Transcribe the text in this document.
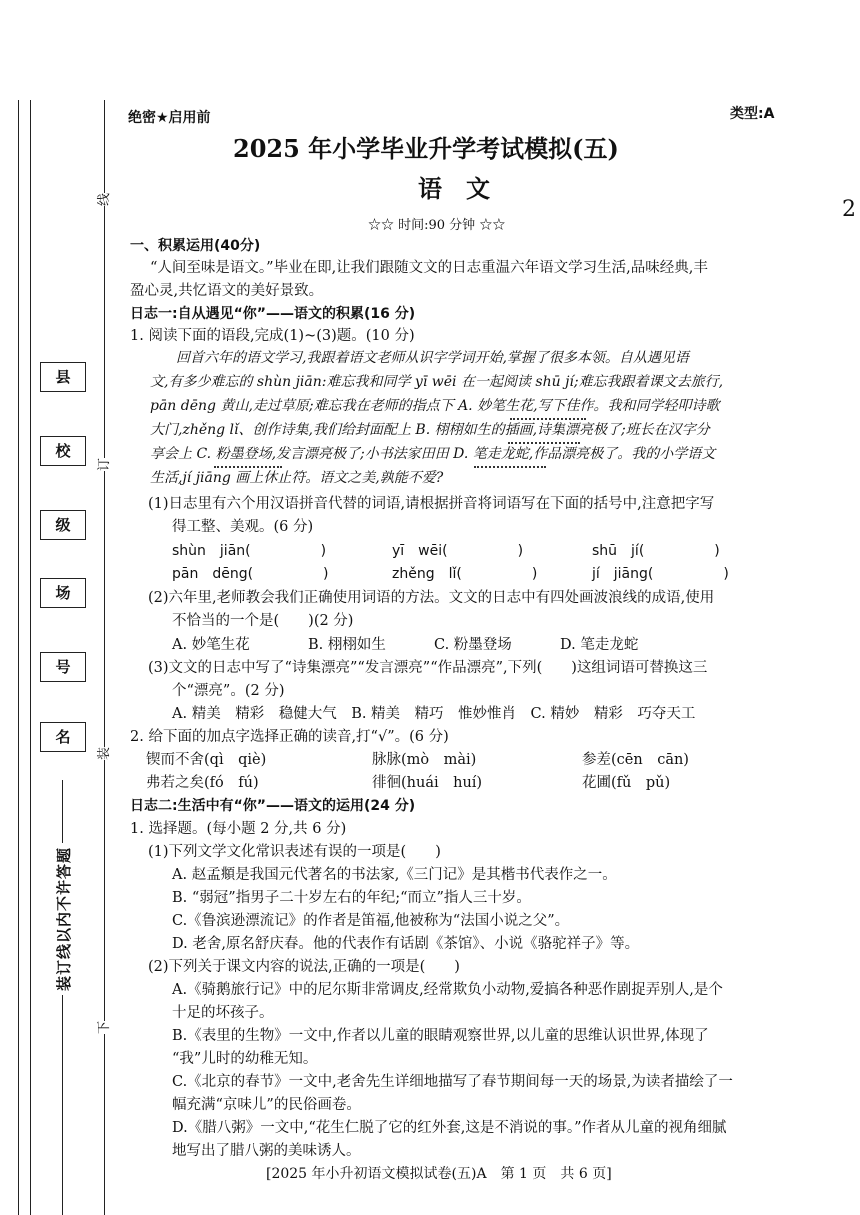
县
校
级
场
号
名
线
订
装
下
装订线以内不许答题
绝密★启用前	类型:A
2025 年小学毕业升学考试模拟(五)
语　文
☆☆ 时间:90 分钟 ☆☆
2
一、积累运用(40分)
“人间至味是语文。”毕业在即,让我们跟随文文的日志重温六年语文学习生活,品味经典,丰
盈心灵,共忆语文的美好景致。
日志一:自从遇见“你”——语文的积累(16 分)
1. 阅读下面的语段,完成(1)~(3)题。(10 分)
回首六年的语文学习,我跟着语文老师从识字学词开始,掌握了很多本领。自从遇见语
文,有多少难忘的 shùn jiān:难忘我和同学 yī wēi 在一起阅读 shū jí;难忘我跟着课文去旅行,
pān dēng 黄山,走过草原;难忘我在老师的指点下 A. 妙笔生花,写下佳作。我和同学轻叩诗歌
大门,zhěng lǐ、创作诗集,我们给封面配上 B. 栩栩如生的插画,诗集漂亮极了;班长在汉字分
享会上 C. 粉墨登场,发言漂亮极了;小书法家田田 D. 笔走龙蛇,作品漂亮极了。我的小学语文
生活,jí jiāng 画上休止符。语文之美,孰能不爱?
(1)日志里有六个用汉语拼音代替的词语,请根据拼音将词语写在下面的括号中,注意把字写
得工整、美观。(6 分)
shùn　jiān(　　　　　)	yī　wēi(　　　　　)	shū　jí(　　　　　)
pān　dēng(　　　　　)	zhěng　lǐ(　　　　　)	jí　jiāng(　　　　　)
(2)六年里,老师教会我们正确使用词语的方法。文文的日志中有四处画波浪线的成语,使用
不恰当的一个是(　　)(2 分)
A. 妙笔生花	B. 栩栩如生	C. 粉墨登场	D. 笔走龙蛇
(3)文文的日志中写了“诗集漂亮”“发言漂亮”“作品漂亮”,下列(　　)这组词语可替换这三
个“漂亮”。(2 分)
A. 精美　精彩　稳健大气　B. 精美　精巧　惟妙惟肖　C. 精妙　精彩　巧夺天工
2. 给下面的加点字选择正确的读音,打“√”。(6 分)
锲而不舍(qì　qiè)	脉脉(mò　mài)	参差(cēn　cān)
弗若之矣(fó　fú)	徘徊(huái　huí)	花圃(fǔ　pǔ)
日志二:生活中有“你”——语文的运用(24 分)
1. 选择题。(每小题 2 分,共 6 分)
(1)下列文学文化常识表述有误的一项是(　　)
A. 赵孟頫是我国元代著名的书法家,《三门记》是其楷书代表作之一。
B. “弱冠”指男子二十岁左右的年纪;“而立”指人三十岁。
C.《鲁滨逊漂流记》的作者是笛福,他被称为“法国小说之父”。
D. 老舍,原名舒庆春。他的代表作有话剧《茶馆》、小说《骆驼祥子》等。
(2)下列关于课文内容的说法,正确的一项是(　　)
A.《骑鹅旅行记》中的尼尔斯非常调皮,经常欺负小动物,爱搞各种恶作剧捉弄别人,是个
十足的坏孩子。
B.《表里的生物》一文中,作者以儿童的眼睛观察世界,以儿童的思维认识世界,体现了
“我”儿时的幼稚无知。
C.《北京的春节》一文中,老舍先生详细地描写了春节期间每一天的场景,为读者描绘了一
幅充满“京味儿”的民俗画卷。
D.《腊八粥》一文中,“花生仁脱了它的红外套,这是不消说的事。”作者从儿童的视角细腻
地写出了腊八粥的美味诱人。
[2025 年小升初语文模拟试卷(五)A　第 1 页　共 6 页]
